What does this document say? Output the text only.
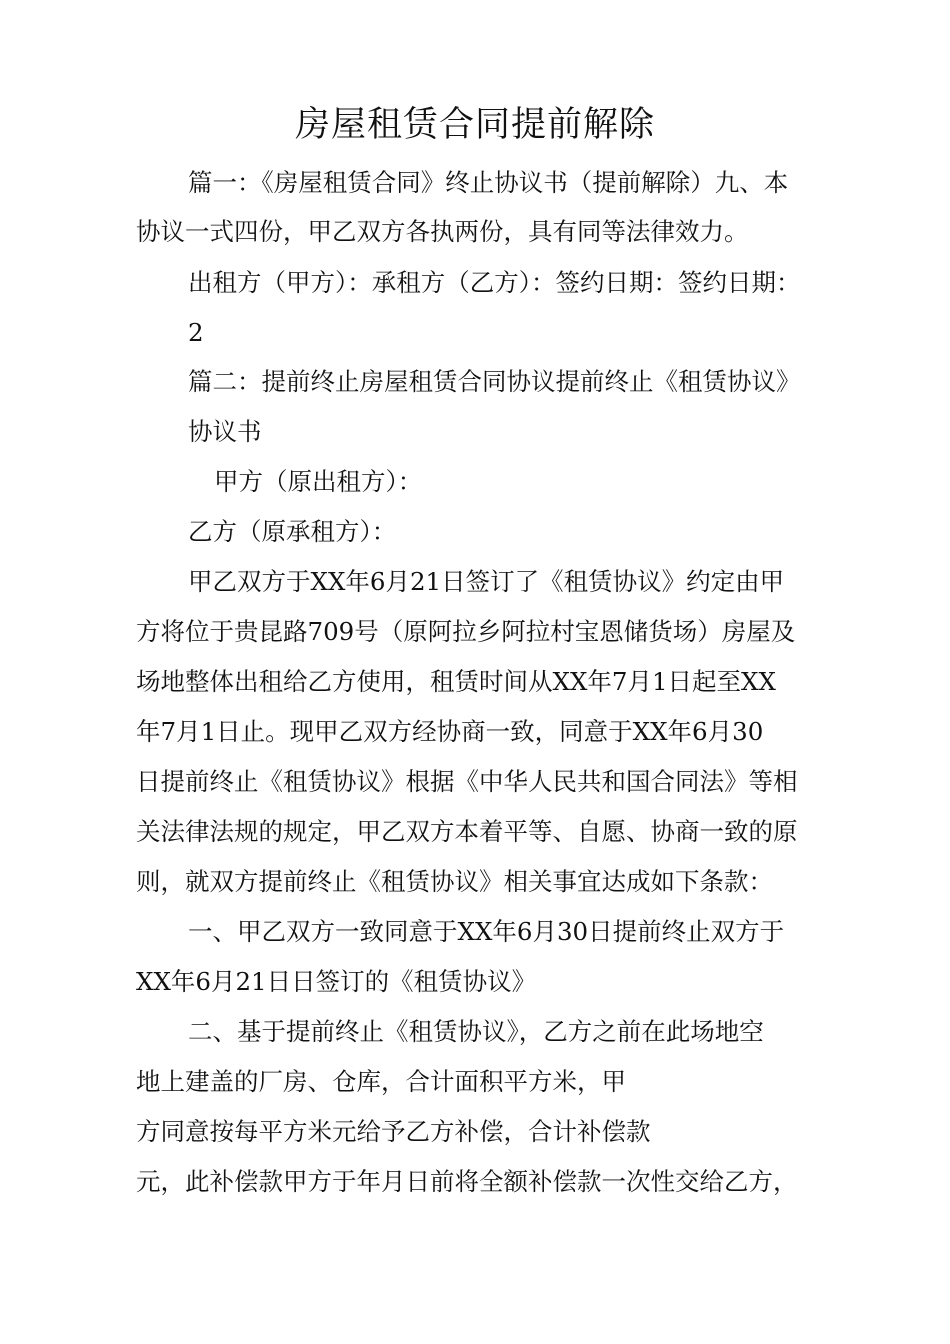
房屋租赁合同提前解除
篇一：《房屋租赁合同》终止协议书（提前解除）九、本
协议一式四份，甲乙双方各执两份，具有同等法律效力。
出租方（甲方）：承租方（乙方）：签约日期：签约日期：
2
篇二：提前终止房屋租赁合同协议提前终止《租赁协议》
协议书
甲方（原出租方）：
乙方（原承租方）：
甲乙双方于XX年6月21日签订了《租赁协议》约定由甲
方将位于贵昆路709号（原阿拉乡阿拉村宝恩储货场）房屋及
场地整体出租给乙方使用，租赁时间从XX年7月1日起至XX
年7月1日止。现甲乙双方经协商一致，同意于XX年6月30
日提前终止《租赁协议》根据《中华人民共和国合同法》等相
关法律法规的规定，甲乙双方本着平等、自愿、协商一致的原
则，就双方提前终止《租赁协议》相关事宜达成如下条款：
一、甲乙双方一致同意于XX年6月30日提前终止双方于
XX年6月21日日签订的《租赁协议》
二、基于提前终止《租赁协议》，乙方之前在此场地空
地上建盖的厂房、仓库，合计面积平方米，甲
方同意按每平方米元给予乙方补偿，合计补偿款
元，此补偿款甲方于年月日前将全额补偿款一次性交给乙方，
